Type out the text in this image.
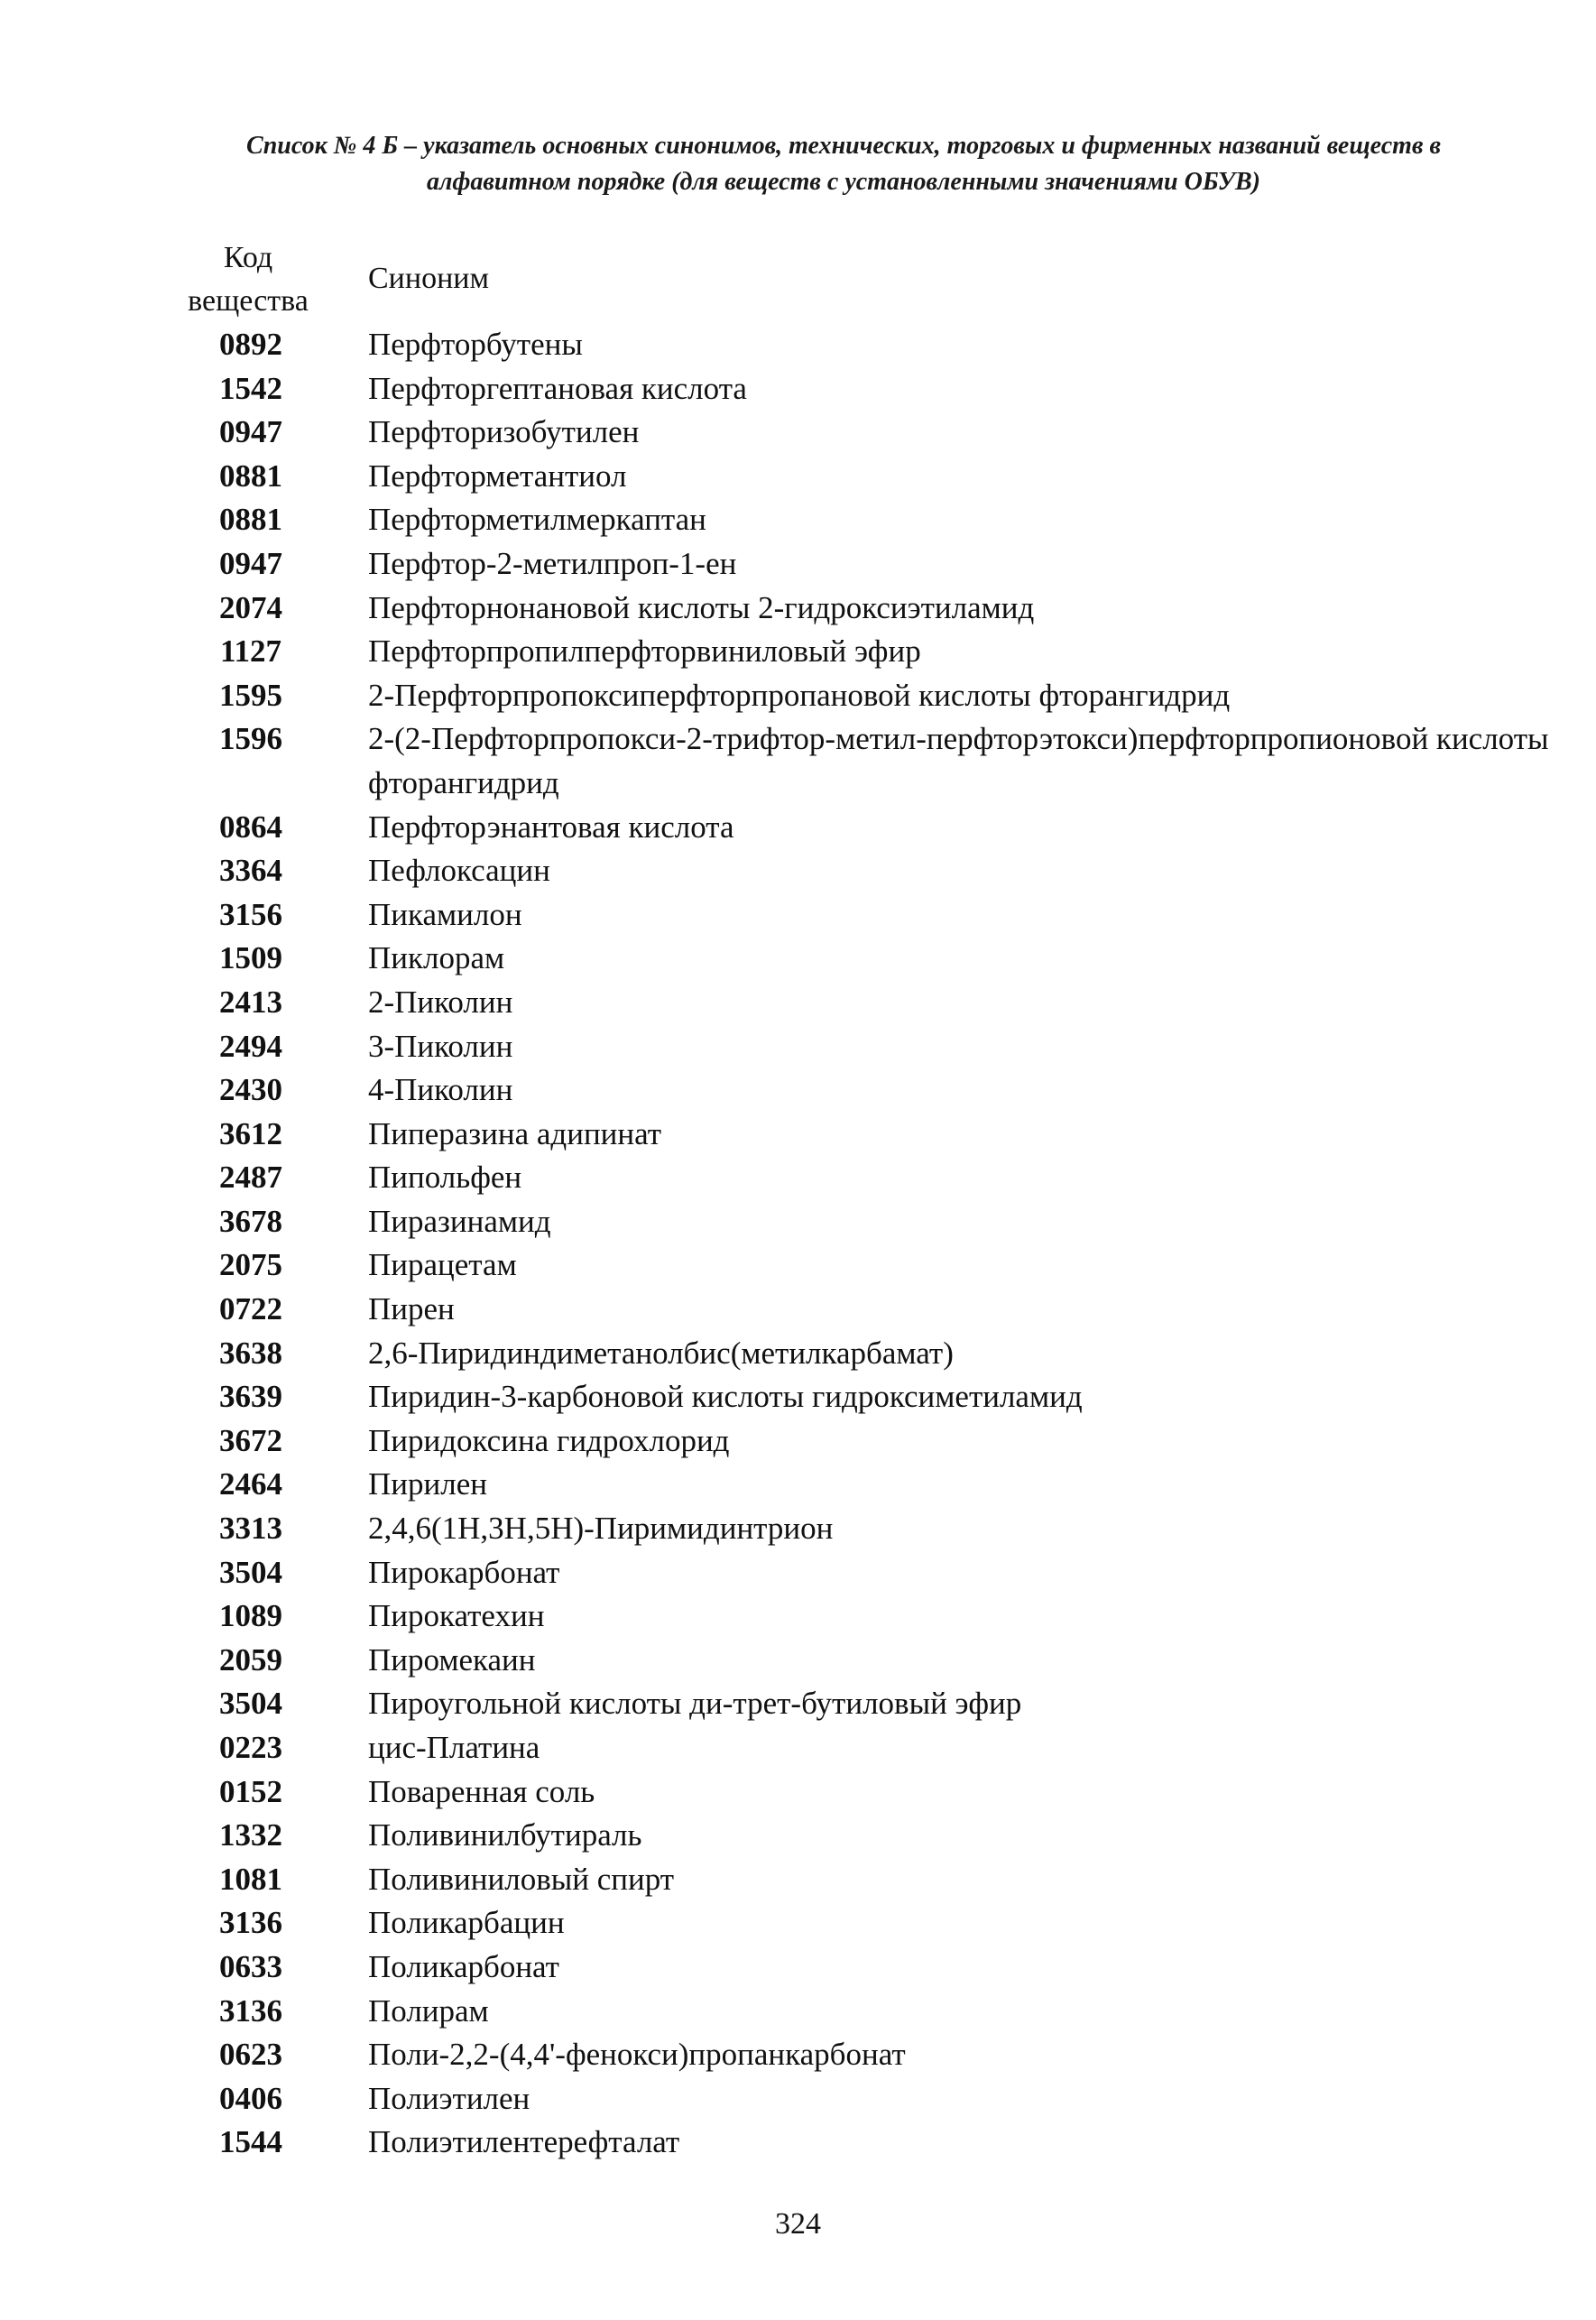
Список № 4 Б – указатель основных синонимов, технических, торговых и фирменных названий веществ в
алфавитном порядке (для веществ с установленными значениями ОБУВ)
Код
вещества
Синоним
0892	Перфторбутены
1542	Перфторгептановая кислота
0947	Перфторизобутилен
0881	Перфторметантиол
0881	Перфторметилмеркаптан
0947	Перфтор-2-метилпроп-1-ен
2074	Перфторнонановой кислоты 2-гидроксиэтиламид
1127	Перфторпропилперфторвиниловый эфир
1595	2-Перфторпропоксиперфторпропановой кислоты фторангидрид
1596	2-(2-Перфторпропокси-2-трифтор-метил-перфторэтокси)перфторпропионовой кислоты фторангидрид
0864	Перфторэнантовая кислота
3364	Пефлоксацин
3156	Пикамилон
1509	Пиклорам
2413	2-Пиколин
2494	3-Пиколин
2430	4-Пиколин
3612	Пиперазина адипинат
2487	Пипольфен
3678	Пиразинамид
2075	Пирацетам
0722	Пирен
3638	2,6-Пиридиндиметанолбис(метилкарбамат)
3639	Пиридин-3-карбоновой кислоты гидроксиметиламид
3672	Пиридоксина гидрохлорид
2464	Пирилен
3313	2,4,6(1Н,3Н,5Н)-Пиримидинтрион
3504	Пирокарбонат
1089	Пирокатехин
2059	Пиромекаин
3504	Пироугольной кислоты ди-трет-бутиловый эфир
0223	цис-Платина
0152	Поваренная соль
1332	Поливинилбутираль
1081	Поливиниловый спирт
3136	Поликарбацин
0633	Поликарбонат
3136	Полирам
0623	Поли-2,2-(4,4'-фенокси)пропанкарбонат
0406	Полиэтилен
1544	Полиэтилентерефталат
324
